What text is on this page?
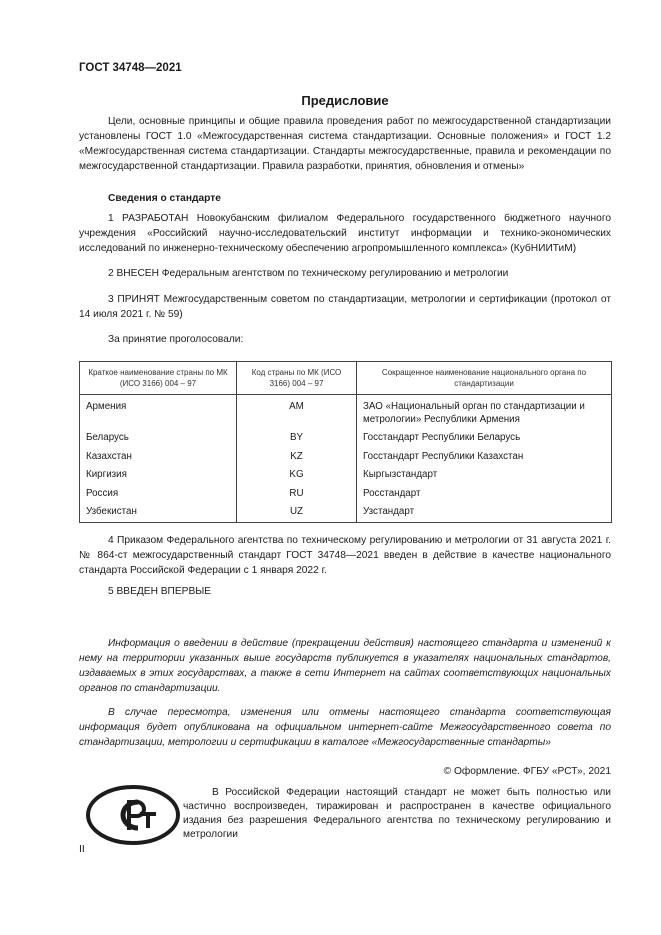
ГОСТ 34748—2021
Предисловие
Цели, основные принципы и общие правила проведения работ по межгосударственной стандартизации установлены ГОСТ 1.0 «Межгосударственная система стандартизации. Основные положения» и ГОСТ 1.2 «Межгосударственная система стандартизации. Стандарты межгосударственные, правила и рекомендации по межгосударственной стандартизации. Правила разработки, принятия, обновления и отмены»
Сведения о стандарте
1 РАЗРАБОТАН Новокубанским филиалом Федерального государственного бюджетного научного учреждения «Российский научно-исследовательский институт информации и технико-экономических исследований по инженерно-техническому обеспечению агропромышленного комплекса» (КубНИИТиМ)
2 ВНЕСЕН Федеральным агентством по техническому регулированию и метрологии
3 ПРИНЯТ Межгосударственным советом по стандартизации, метрологии и сертификации (протокол от 14 июля 2021 г. № 59)
За принятие проголосовали:
Краткое наименование страны по МК (ИСО 3166) 004 – 97	Код страны по МК (ИСО 3166) 004 – 97	Сокращенное наименование национального органа по стандартизации
Армения	AM	ЗАО «Национальный орган по стандартизации и метрологии» Республики Армения
Беларусь	BY	Госстандарт Республики Беларусь
Казахстан	KZ	Госстандарт Республики Казахстан
Киргизия	KG	Кыргызстандарт
Россия	RU	Росстандарт
Узбекистан	UZ	Узстандарт
4 Приказом Федерального агентства по техническому регулированию и метрологии от 31 августа 2021 г. № 864-ст межгосударственный стандарт ГОСТ 34748—2021 введен в действие в качестве национального стандарта Российской Федерации с 1 января 2022 г.
5 ВВЕДЕН ВПЕРВЫЕ
Информация о введении в действие (прекращении действия) настоящего стандарта и изменений к нему на территории указанных выше государств публикуется в указателях национальных стандартов, издаваемых в этих государствах, а также в сети Интернет на сайтах соответствующих национальных органов по стандартизации.
В случае пересмотра, изменения или отмены настоящего стандарта соответствующая информация будет опубликована на официальном интернет-сайте Межгосударственного совета по стандартизации, метрологии и сертификации в каталоге «Межгосударственные стандарты»
© Оформление. ФГБУ «РСТ», 2021
В Российской Федерации настоящий стандарт не может быть полностью или частично воспроизведен, тиражирован и распространен в качестве официального издания без разрешения Федерального агентства по техническому регулированию и метрологии
II
